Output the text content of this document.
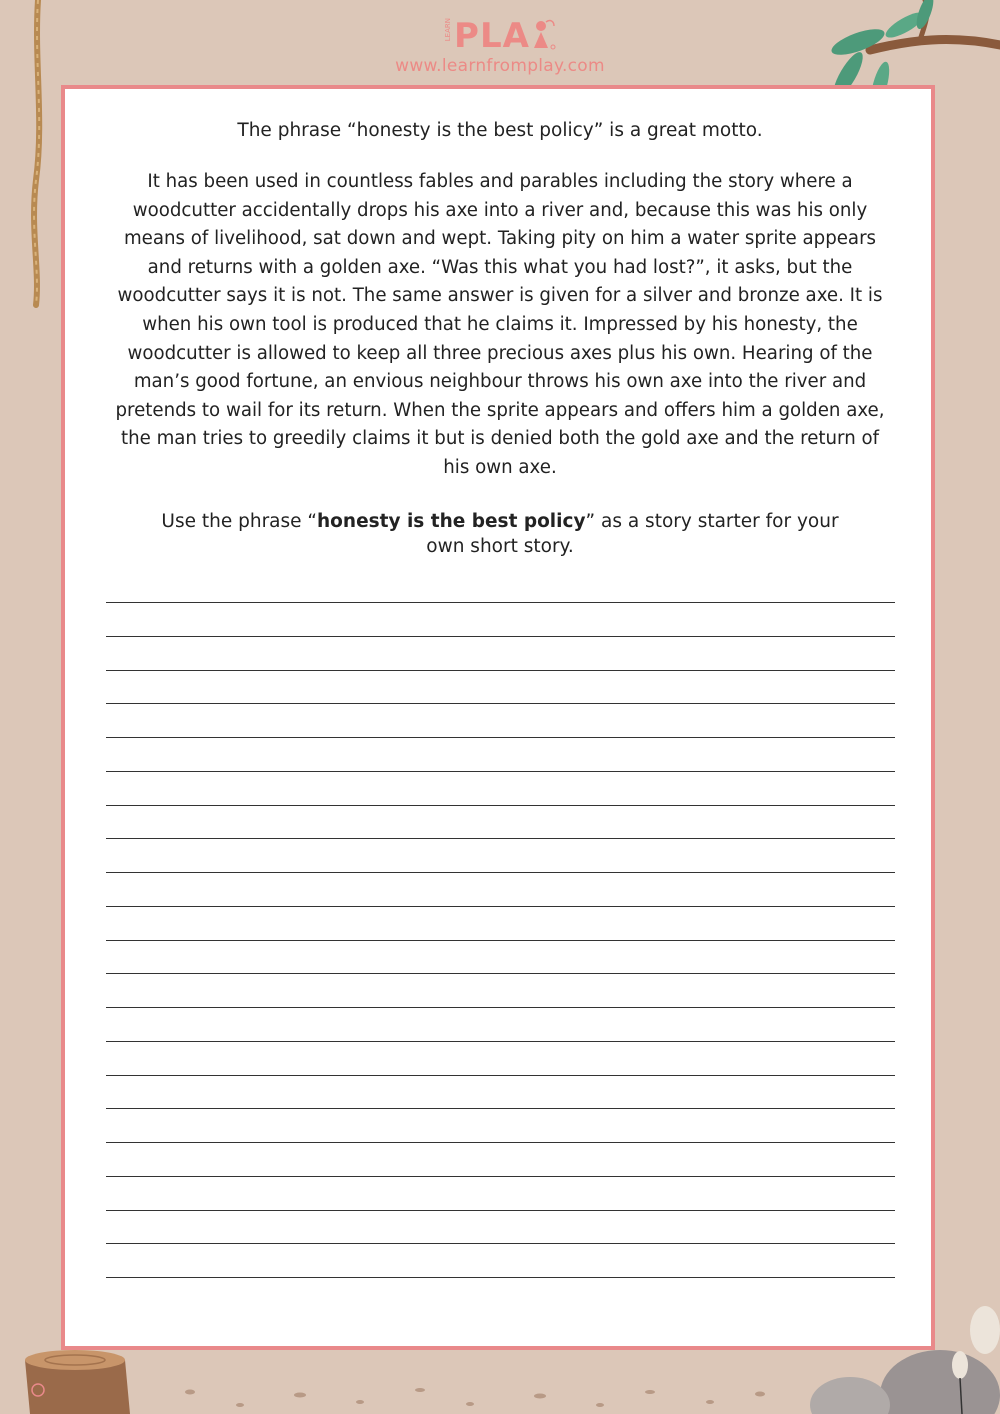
LEARNPLA
www.learnfromplay.com

The phrase “honesty is the best policy” is a great motto.

It has been used in countless fables and parables including the story where a woodcutter accidentally drops his axe into a river and, because this was his only means of livelihood, sat down and wept. Taking pity on him a water sprite appears and returns with a golden axe. “Was this what you had lost?”, it asks, but the woodcutter says it is not. The same answer is given for a silver and bronze axe. It is when his own tool is produced that he claims it. Impressed by his honesty, the woodcutter is allowed to keep all three precious axes plus his own. Hearing of the man’s good fortune, an envious neighbour throws his own axe into the river and pretends to wail for its return. When the sprite appears and offers him a golden axe, the man tries to greedily claims it but is denied both the gold axe and the return of his own axe.

Use the phrase “honesty is the best policy” as a story starter for your own short story.
